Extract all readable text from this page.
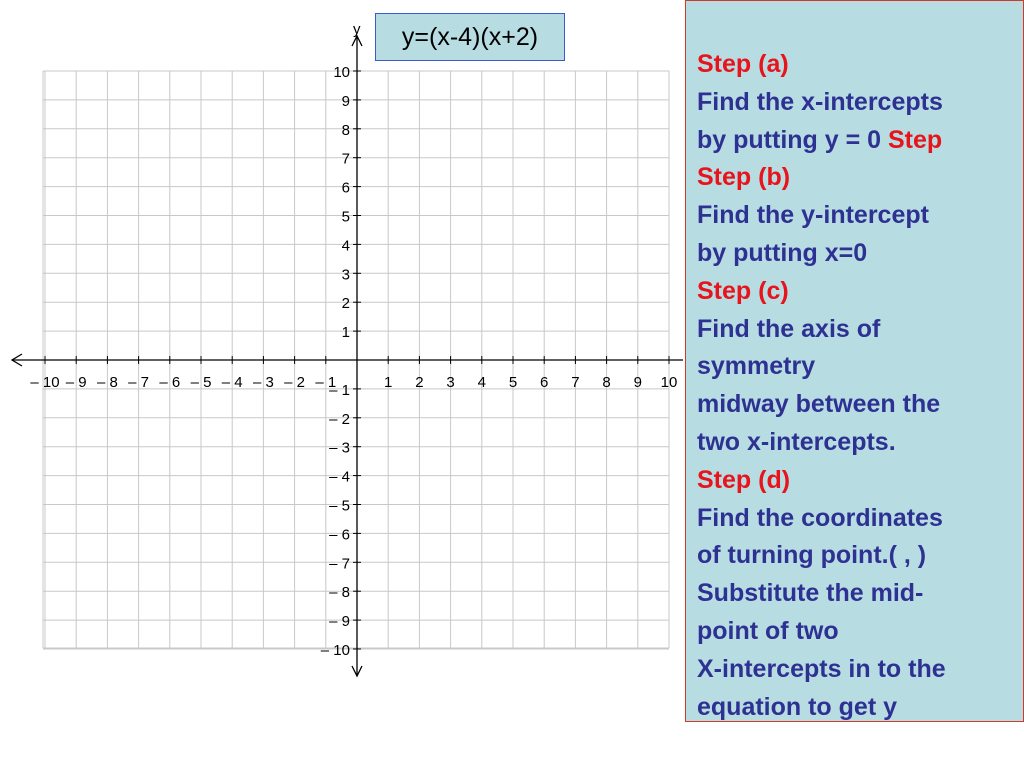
– 10 – 9 – 8 – 7 – 6 – 5 – 4 – 3 – 2 – 1	1 2 3 4 5 6 7 8 9 10
10
9
8
7
6
5
4
3
2
1
– 1
– 2
– 3
– 4
– 5
– 6
– 7
– 8
– 9
– 10
y y=(x-4)(x+2)
Step (a)
Find the x-intercepts
by putting y = 0 Step
Step (b)
Find the y-intercept
by putting x=0
Step (c)
Find the axis of
symmetry
midway between the
two x-intercepts.
Step (d)
Find the coordinates
of turning point.( , )
Substitute the mid-
point of two
X-intercepts in to the
equation to get y
